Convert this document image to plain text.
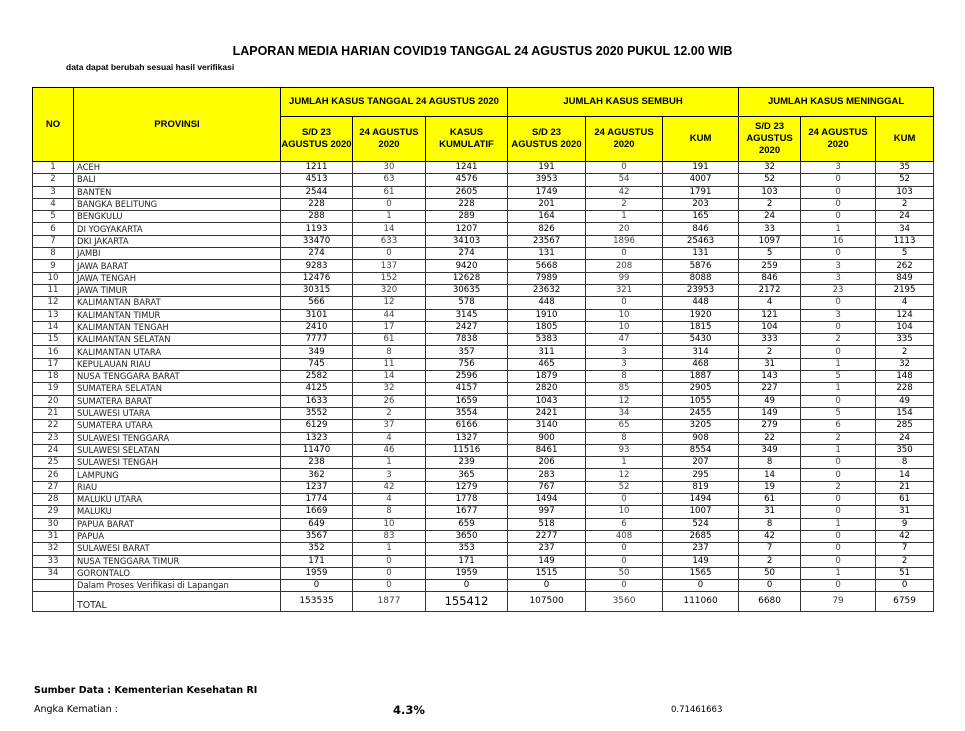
LAPORAN MEDIA HARIAN COVID19 TANGGAL 24 AGUSTUS 2020 PUKUL 12.00 WIB
data dapat berubah sesuai hasil verifikasi
NO	PROVINSI	JUMLAH KASUS TANGGAL 24 AGUSTUS 2020			JUMLAH KASUS SEMBUH			JUMLAH KASUS MENINGGAL		
		S/D 23 AGUSTUS 2020	24 AGUSTUS 2020	KASUS KUMULATIF	S/D 23 AGUSTUS 2020	24 AGUSTUS 2020	KUM	S/D 23 AGUSTUS 2020	24 AGUSTUS 2020	KUM
1	ACEH	1211	30	1241	191	0	191	32	3	35
2	BALI	4513	63	4576	3953	54	4007	52	0	52
3	BANTEN	2544	61	2605	1749	42	1791	103	0	103
4	BANGKA BELITUNG	228	0	228	201	2	203	2	0	2
5	BENGKULU	288	1	289	164	1	165	24	0	24
6	DI YOGYAKARTA	1193	14	1207	826	20	846	33	1	34
7	DKI JAKARTA	33470	633	34103	23567	1896	25463	1097	16	1113
8	JAMBI	274	0	274	131	0	131	5	0	5
9	JAWA BARAT	9283	137	9420	5668	208	5876	259	3	262
10	JAWA TENGAH	12476	152	12628	7989	99	8088	846	3	849
11	JAWA TIMUR	30315	320	30635	23632	321	23953	2172	23	2195
12	KALIMANTAN BARAT	566	12	578	448	0	448	4	0	4
13	KALIMANTAN TIMUR	3101	44	3145	1910	10	1920	121	3	124
14	KALIMANTAN TENGAH	2410	17	2427	1805	10	1815	104	0	104
15	KALIMANTAN SELATAN	7777	61	7838	5383	47	5430	333	2	335
16	KALIMANTAN UTARA	349	8	357	311	3	314	2	0	2
17	KEPULAUAN RIAU	745	11	756	465	3	468	31	1	32
18	NUSA TENGGARA BARAT	2582	14	2596	1879	8	1887	143	5	148
19	SUMATERA SELATAN	4125	32	4157	2820	85	2905	227	1	228
20	SUMATERA BARAT	1633	26	1659	1043	12	1055	49	0	49
21	SULAWESI UTARA	3552	2	3554	2421	34	2455	149	5	154
22	SUMATERA UTARA	6129	37	6166	3140	65	3205	279	6	285
23	SULAWESI TENGGARA	1323	4	1327	900	8	908	22	2	24
24	SULAWESI SELATAN	11470	46	11516	8461	93	8554	349	1	350
25	SULAWESI TENGAH	238	1	239	206	1	207	8	0	8
26	LAMPUNG	362	3	365	283	12	295	14	0	14
27	RIAU	1237	42	1279	767	52	819	19	2	21
28	MALUKU UTARA	1774	4	1778	1494	0	1494	61	0	61
29	MALUKU	1669	8	1677	997	10	1007	31	0	31
30	PAPUA BARAT	649	10	659	518	6	524	8	1	9
31	PAPUA	3567	83	3650	2277	408	2685	42	0	42
32	SULAWESI BARAT	352	1	353	237	0	237	7	0	7
33	NUSA TENGGARA TIMUR	171	0	171	149	0	149	2	0	2
34	GORONTALO	1959	0	1959	1515	50	1565	50	1	51
	Dalam Proses Verifikasi di Lapangan	0	0	0	0	0	0	0	0	0
	TOTAL	153535	1877	155412	107500	3560	111060	6680	79	6759
Sumber Data : Kementerian Kesehatan RI
Angka Kematian :	4.3%	0.71461663
